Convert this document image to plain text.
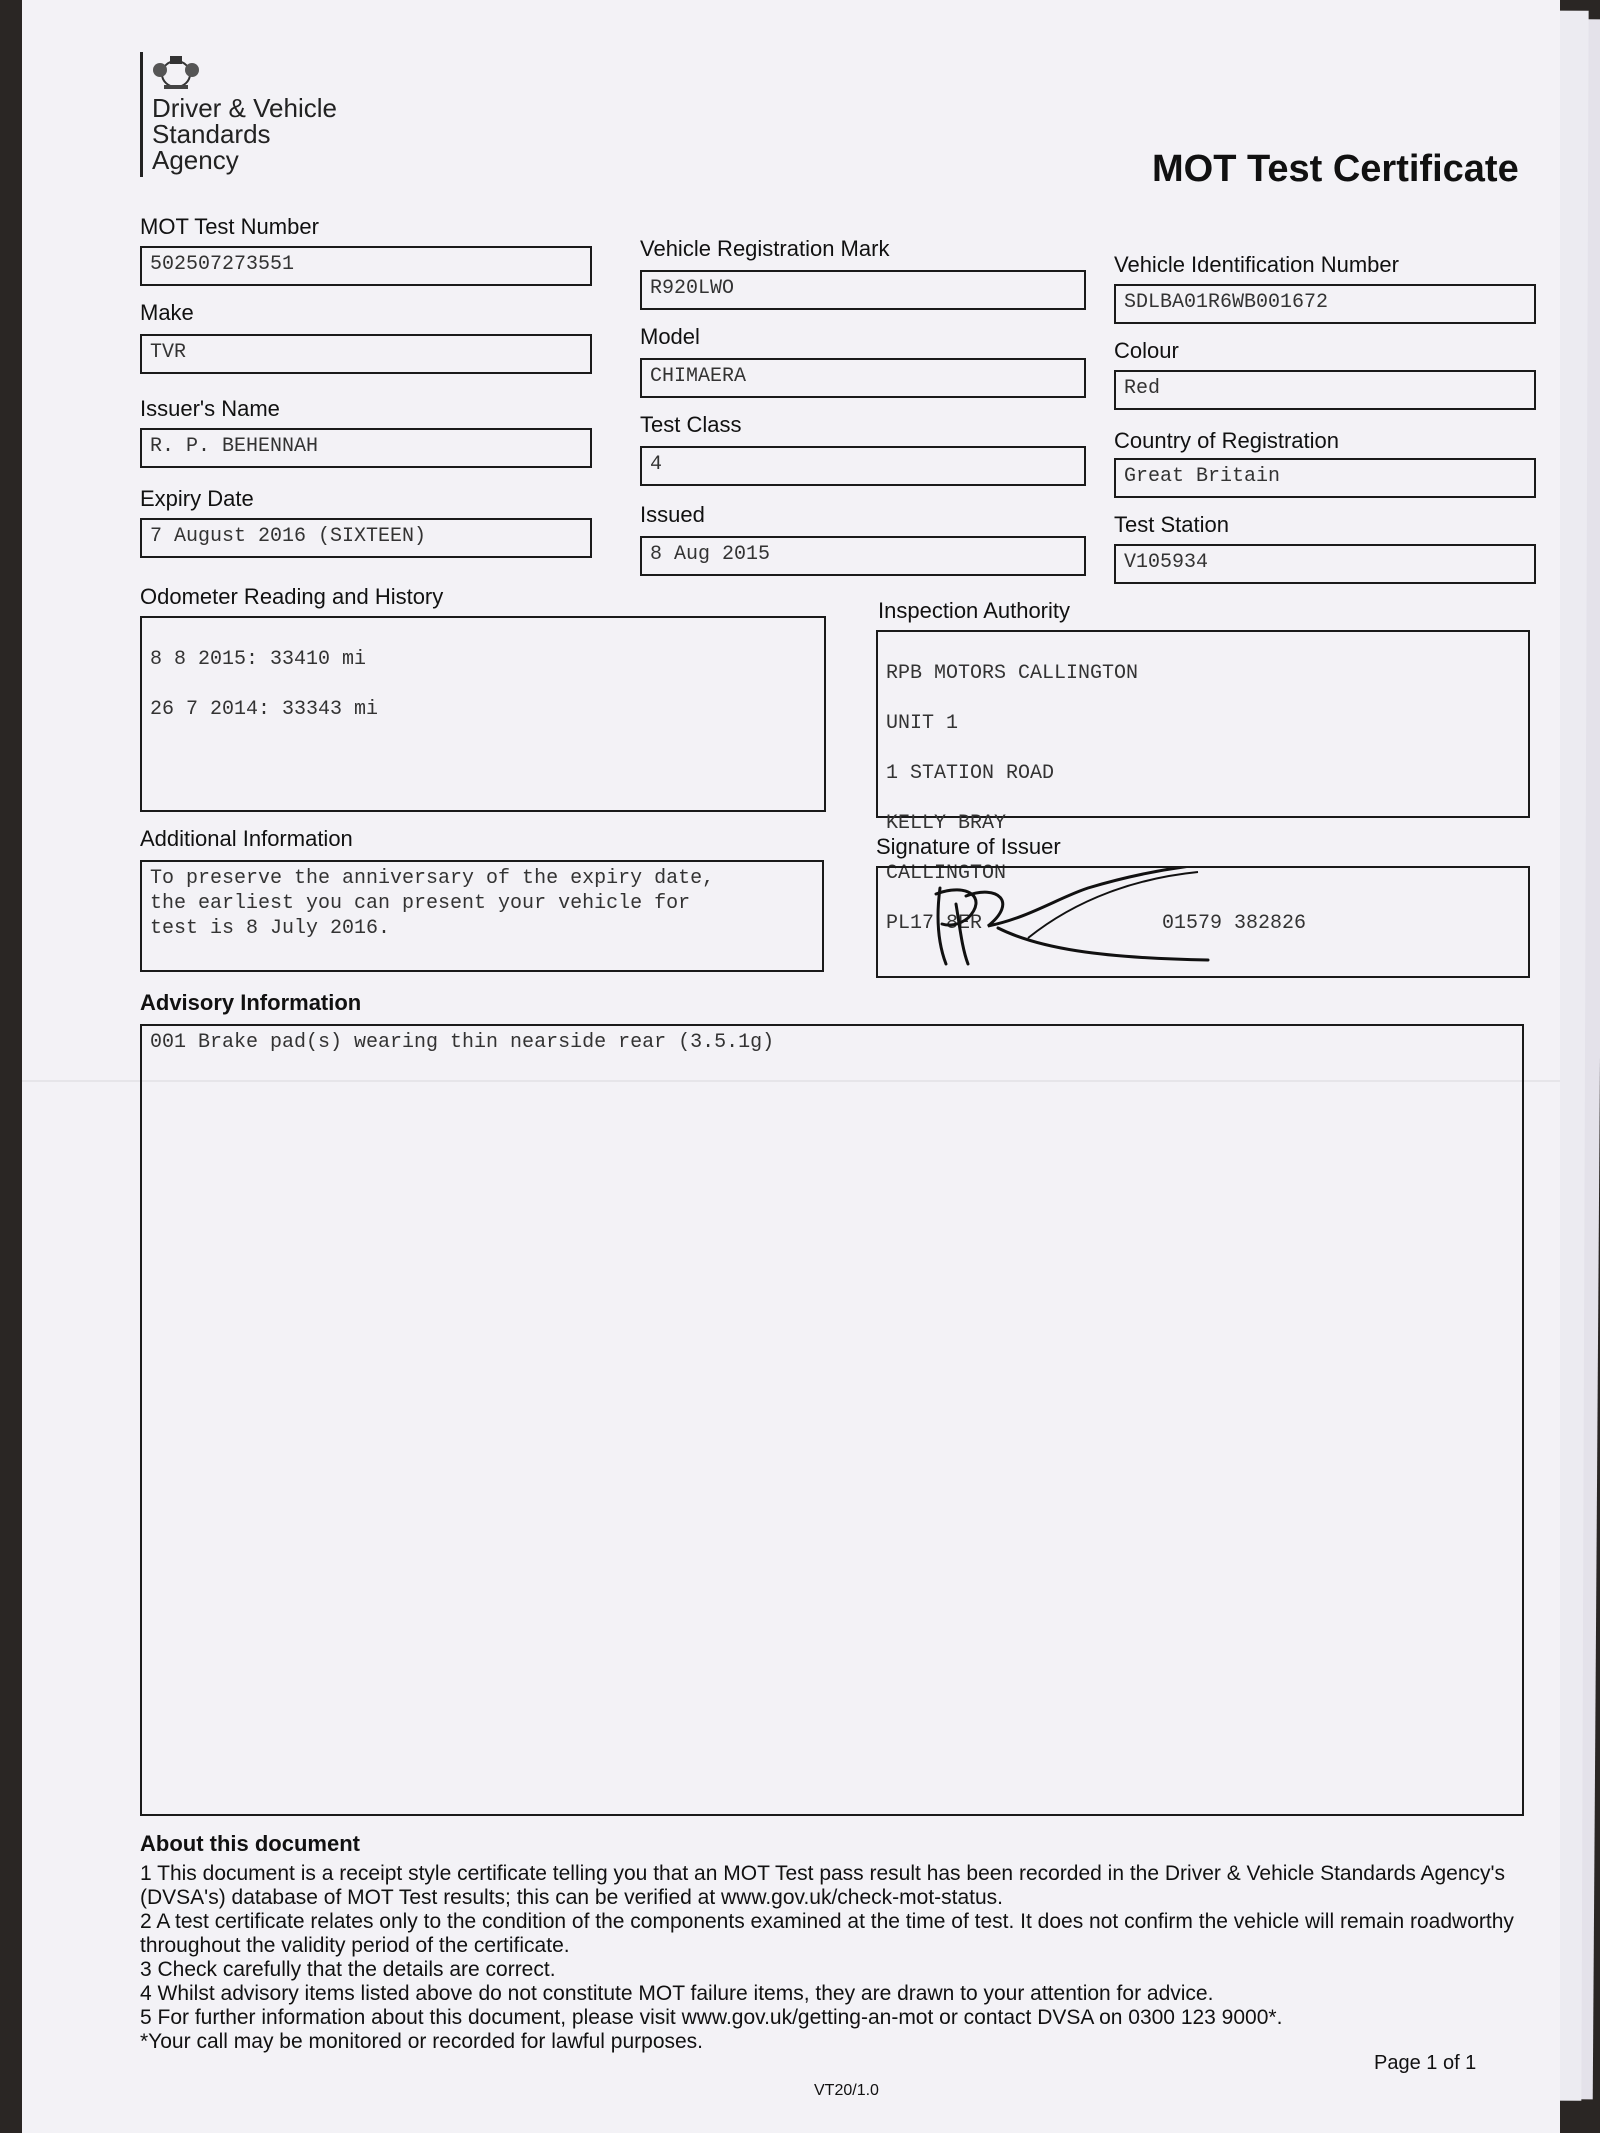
Driver & Vehicle
Standards
Agency	MOT Test Certificate
MOT Test Number
502507273551
Make
TVR
Issuer's Name
R. P. BEHENNAH
Expiry Date
7 August 2016 (SIXTEEN)
Vehicle Registration Mark
R920LWO
Model
CHIMAERA
Test Class
4
Issued
8 Aug 2015
Vehicle Identification Number
SDLBA01R6WB001672
Colour
Red
Country of Registration
Great Britain
Test Station
V105934
Odometer Reading and History

8 8 2015: 33410 mi

26 7 2014: 33343 mi

Inspection Authority

RPB MOTORS CALLINGTON

UNIT 1

1 STATION ROAD

KELLY BRAY

CALLINGTON

PL17 8ER	01579 382826

Additional Information
To preserve the anniversary of the expiry date,
the earliest you can present your vehicle for
test is 8 July 2016.
Signature of Issuer

Advisory Information
001 Brake pad(s) wearing thin nearside rear (3.5.1g)

About this document

1 This document is a receipt style certificate telling you that an MOT Test pass result has been recorded in the Driver & Vehicle Standards Agency's (DVSA's) database of MOT Test results; this can be verified at www.gov.uk/check-mot-status.

2 A test certificate relates only to the condition of the components examined at the time of test. It does not confirm the vehicle will remain roadworthy throughout the validity period of the certificate.

3 Check carefully that the details are correct.

4 Whilst advisory items listed above do not constitute MOT failure items, they are drawn to your attention for advice.

5 For further information about this document, please visit www.gov.uk/getting-an-mot or contact DVSA on 0300 123 9000*.

*Your call may be monitored or recorded for lawful purposes.

Page 1 of 1
VT20/1.0
